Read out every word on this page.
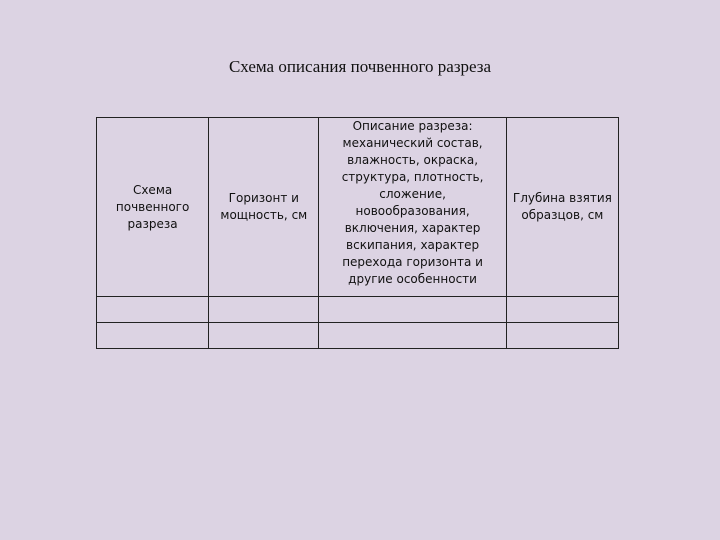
Схема описания почвенного разреза
Схема почвенного разреза	Горизонт и мощность, см	Описание разреза: механический состав, влажность, окраска, структура, плотность, сложение, новообразования, включения, характер вскипания, характер перехода горизонта и другие особенности	Глубина взятия образцов, см
